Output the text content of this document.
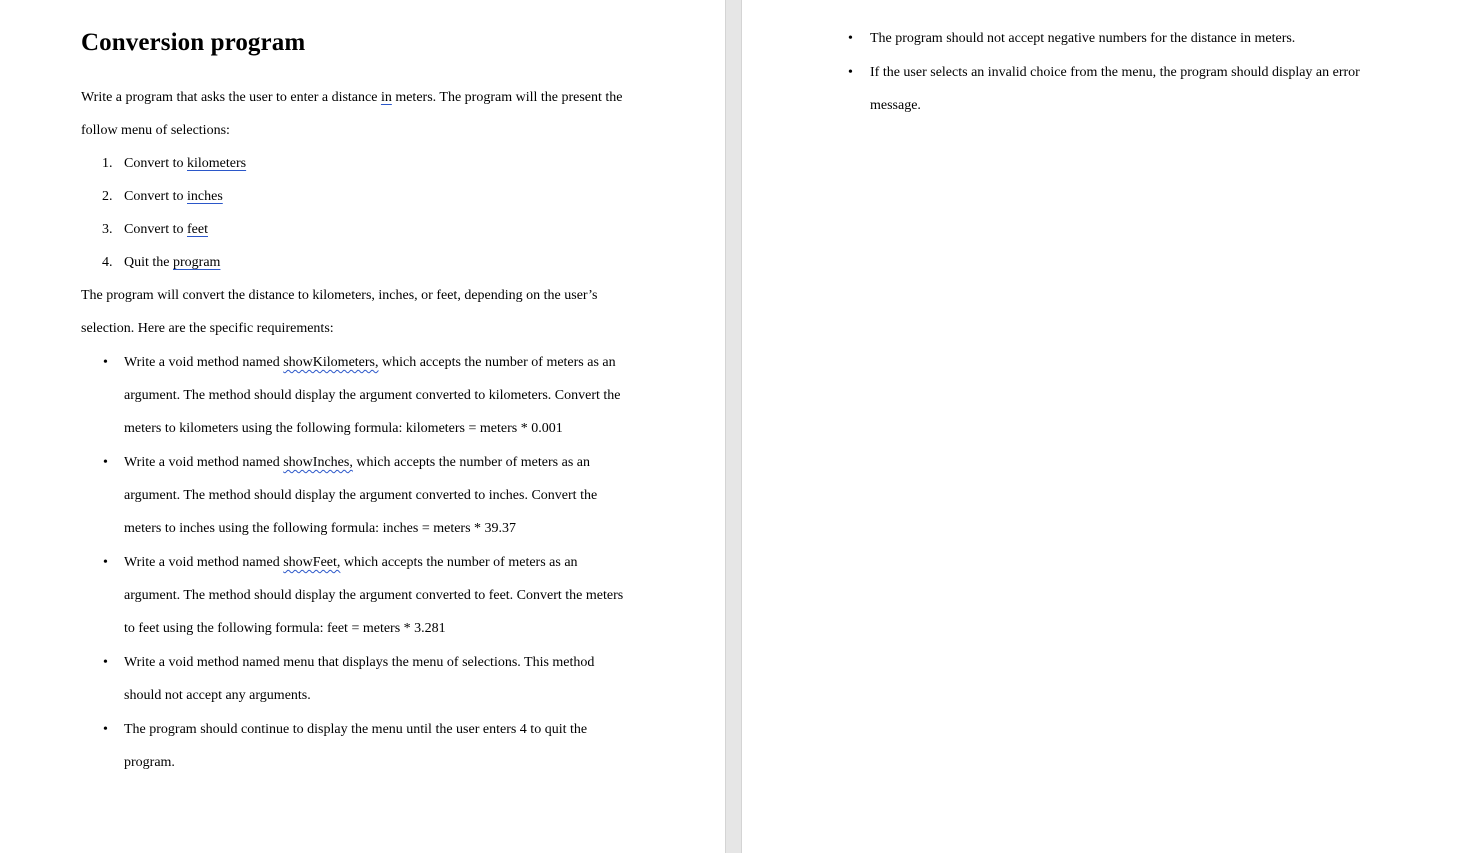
Conversion program

Write a program that asks the user to enter a distance in meters. The program will the present the

follow menu of selections:

1. Convert to kilometers

2. Convert to inches

3. Convert to feet

4. Quit the program

The program will convert the distance to kilometers, inches, or feet, depending on the user’s

selection. Here are the specific requirements:

• Write a void method named showKilometers, which accepts the number of meters as an

argument. The method should display the argument converted to kilometers. Convert the

meters to kilometers using the following formula: kilometers = meters * 0.001

• Write a void method named showInches, which accepts the number of meters as an

argument. The method should display the argument converted to inches. Convert the

meters to inches using the following formula: inches = meters * 39.37

• Write a void method named showFeet, which accepts the number of meters as an

argument. The method should display the argument converted to feet. Convert the meters

to feet using the following formula: feet = meters * 3.281

• Write a void method named menu that displays the menu of selections. This method

should not accept any arguments.

• The program should continue to display the menu until the user enters 4 to quit the

program.

• The program should not accept negative numbers for the distance in meters.

• If the user selects an invalid choice from the menu, the program should display an error

message.
